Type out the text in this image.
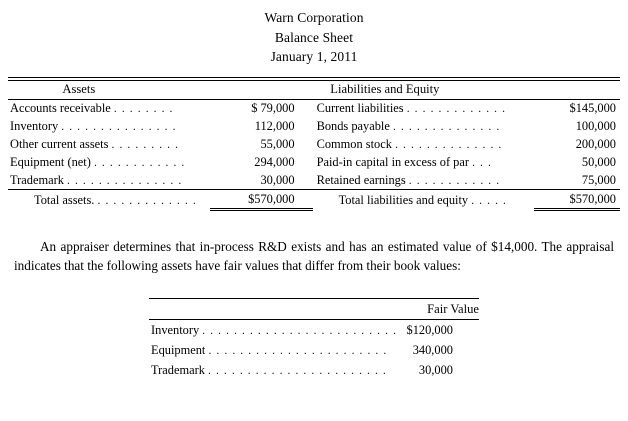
Warn Corporation
Balance Sheet
January 1, 2011
Assets	Liabilities and Equity
Accounts receivable . . . . . . . .	$ 79,000	Current liabilities . . . . . . . . . . . . .	$145,000
Inventory . . . . . . . . . . . . . . .	112,000	Bonds payable . . . . . . . . . . . . . .	100,000
Other current assets . . . . . . . . .	55,000	Common stock . . . . . . . . . . . . . .	200,000
Equipment (net) . . . . . . . . . . . .	294,000	Paid-in capital in excess of par . . .	50,000
Trademark . . . . . . . . . . . . . . .	30,000	Retained earnings . . . . . . . . . . . .	75,000
Total assets. . . . . . . . . . . . . .	$570,000	Total liabilities and equity . . . . .	$570,000

An appraiser determines that in-process R&D exists and has an estimated value of $14,000. The appraisal indicates that the following assets have fair values that differ from their book values:

	Fair Value
Inventory . . . . . . . . . . . . . . . . . . . . . . . . .	$120,000
Equipment . . . . . . . . . . . . . . . . . . . . . . .	340,000
Trademark . . . . . . . . . . . . . . . . . . . . . . .	30,000
